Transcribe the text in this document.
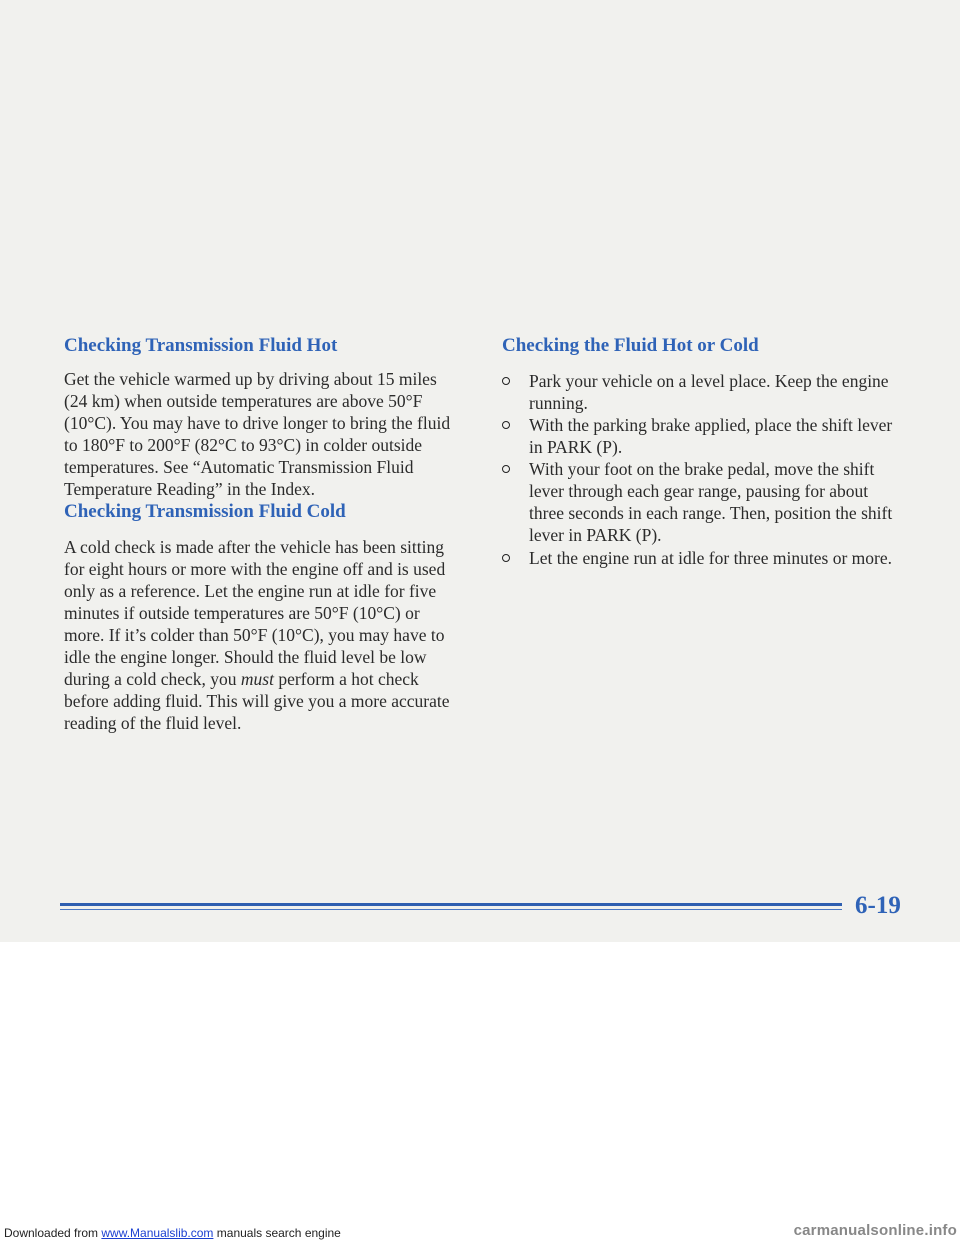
Checking Transmission Fluid Hot

Get the vehicle warmed up by driving about 15 miles
(24 km) when outside temperatures are above 50°F
(10°C). You may have to drive longer to bring the fluid
to 180°F to 200°F (82°C to 93°C) in colder outside
temperatures. See “Automatic Transmission Fluid
Temperature Reading” in the Index.

Checking Transmission Fluid Cold

A cold check is made after the vehicle has been sitting
for eight hours or more with the engine off and is used
only as a reference. Let the engine run at idle for five
minutes if outside temperatures are 50°F (10°C) or
more. If it’s colder than 50°F (10°C), you may have to
idle the engine longer. Should the fluid level be low
during a cold check, you must perform a hot check
before adding fluid. This will give you a more accurate
reading of the fluid level.

Checking the Fluid Hot or Cold
Park your vehicle on a level place. Keep the engine
running.
With the parking brake applied, place the shift lever
in PARK (P).
With your foot on the brake pedal, move the shift
lever through each gear range, pausing for about
three seconds in each range. Then, position the shift
lever in PARK (P).
Let the engine run at idle for three minutes or more.
6-19
Downloaded from www.Manualslib.com manuals search engine	carmanualsonline.info
